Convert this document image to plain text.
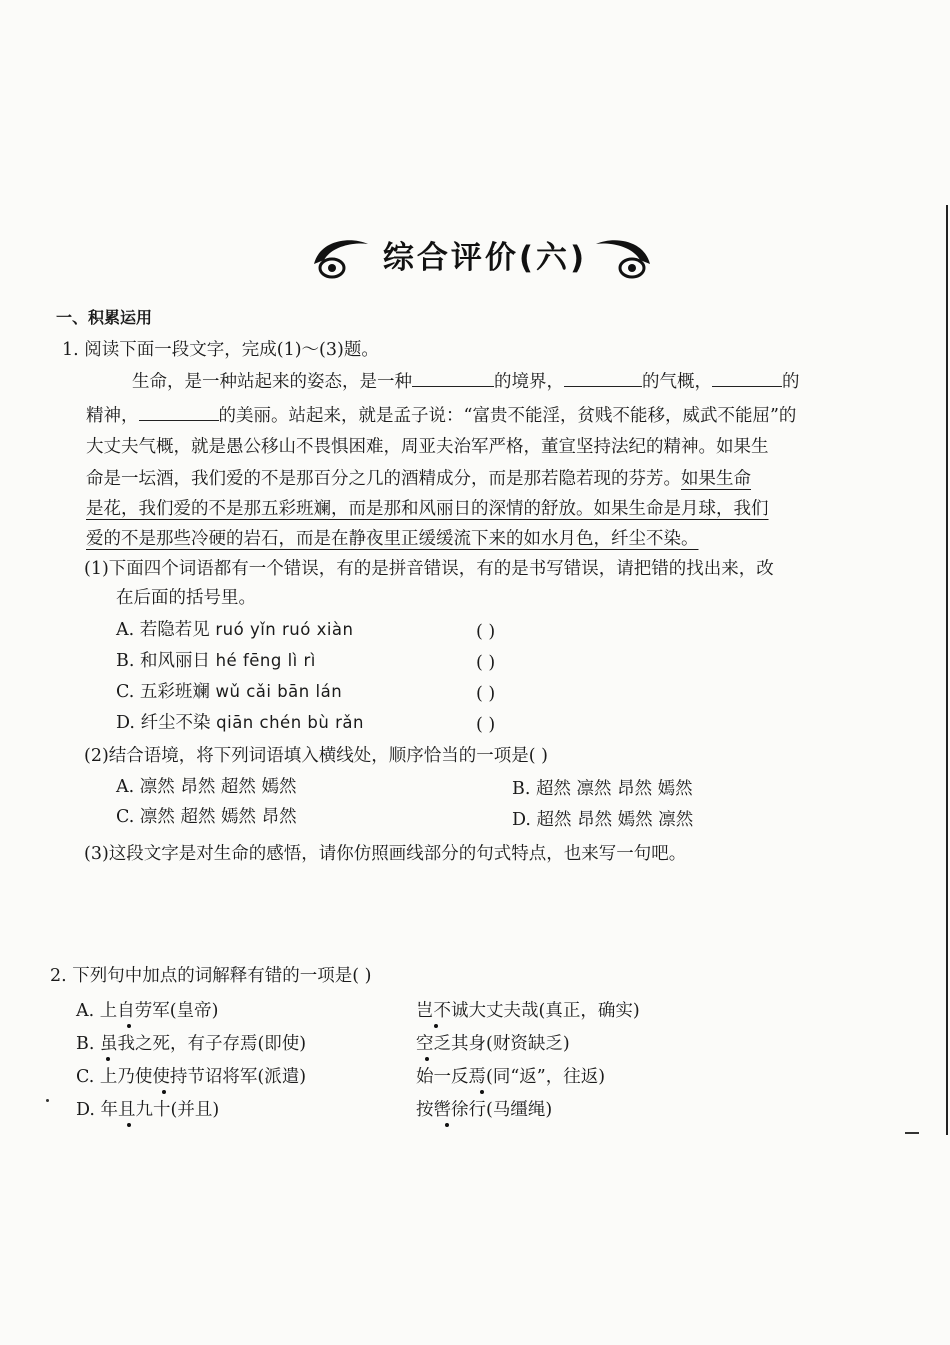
综合评价(六)
一、积累运用
1. 阅读下面一段文字，完成(1)～(3)题。
生命，是一种站起来的姿态，是一种	的境界，	的气概，	的
精神，	的美丽。站起来，就是孟子说：“富贵不能淫，贫贱不能移，威武不能屈”的
大丈夫气概，就是愚公移山不畏惧困难，周亚夫治军严格，董宣坚持法纪的精神。如果生
命是一坛酒，我们爱的不是那百分之几的酒精成分，而是那若隐若现的芬芳。如果生命
是花，我们爱的不是那五彩班斓，而是那和风丽日的深情的舒放。如果生命是月球，我们
爱的不是那些冷硬的岩石，而是在静夜里正缓缓流下来的如水月色，纤尘不染。
(1)下面四个词语都有一个错误，有的是拼音错误，有的是书写错误，请把错的找出来，改
在后面的括号里。
A. 若隐若见 ruó yǐn ruó xiàn	( )
B. 和风丽日 hé fēng lì rì	( )
C. 五彩班斓 wǔ cǎi bān lán	( )
D. 纤尘不染 qiān chén bù rǎn	( )
(2)结合语境，将下列词语填入横线处，顺序恰当的一项是( )
A. 凛然 昂然 超然 嫣然	B. 超然 凛然 昂然 嫣然
C. 凛然 超然 嫣然 昂然	D. 超然 昂然 嫣然 凛然
(3)这段文字是对生命的感悟，请你仿照画线部分的句式特点，也来写一句吧。
2. 下列句中加点的词解释有错的一项是( )
A. 上自劳军(皇帝)	岂不诚大丈夫哉(真正，确实)
B. 虽我之死，有子存焉(即使)	空乏其身(财资缺乏)
C. 上乃使使持节诏将军(派遣)	始一反焉(同“返”，往返)
D. 年且九十(并且)	按辔徐行(马缰绳)
